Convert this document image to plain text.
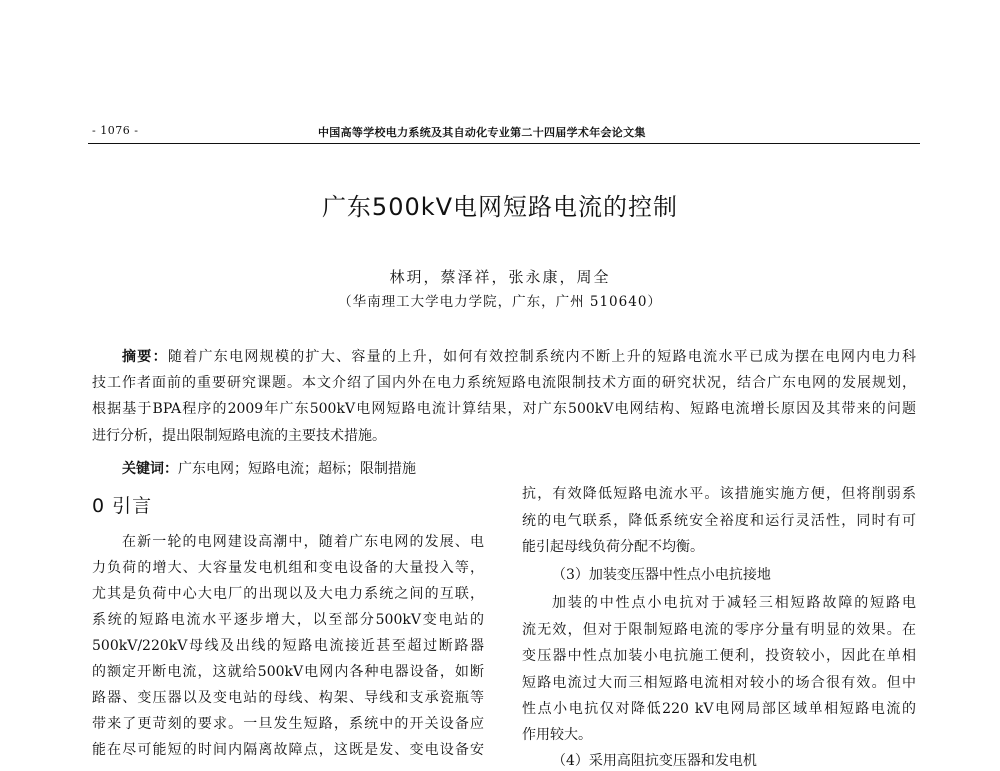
- 1076 -	中国高等学校电力系统及其自动化专业第二十四届学术年会论文集
广东500kV电网短路电流的控制
林玥，蔡泽祥，张永康，周全
（华南理工大学电力学院，广东，广州 510640）
摘要：随着广东电网规模的扩大、容量的上升，如何有效控制系统内不断上升的短路电流水平已成为摆在电网内电力科
技工作者面前的重要研究课题。本文介绍了国内外在电力系统短路电流限制技术方面的研究状况，结合广东电网的发展规划，
根据基于BPA程序的2009年广东500kV电网短路电流计算结果，对广东500kV电网结构、短路电流增长原因及其带来的问题
进行分析，提出限制短路电流的主要技术措施。
关键词：广东电网；短路电流；超标；限制措施
0 引言
在新一轮的电网建设高潮中，随着广东电网的发展、电
力负荷的增大、大容量发电机组和变电设备的大量投入等，
尤其是负荷中心大电厂的出现以及大电力系统之间的互联，
系统的短路电流水平逐步增大，以至部分500kV变电站的
500kV/220kV母线及出线的短路电流接近甚至超过断路器
的额定开断电流，这就给500kV电网内各种电器设备，如断
路器、变压器以及变电站的母线、构架、导线和支承瓷瓶等
带来了更苛刻的要求。一旦发生短路，系统中的开关设备应
能在尽可能短的时间内隔离故障点，这既是发、变电设备安
抗，有效降低短路电流水平。该措施实施方便，但将削弱系
统的电气联系，降低系统安全裕度和运行灵活性，同时有可
能引起母线负荷分配不均衡。
（3）加装变压器中性点小电抗接地
加装的中性点小电抗对于减轻三相短路故障的短路电
流无效，但对于限制短路电流的零序分量有明显的效果。在
变压器中性点加装小电抗施工便利，投资较小，因此在单相
短路电流过大而三相短路电流相对较小的场合很有效。但中
性点小电抗仅对降低220 kV电网局部区域单相短路电流的
作用较大。
（4）采用高阻抗变压器和发电机
